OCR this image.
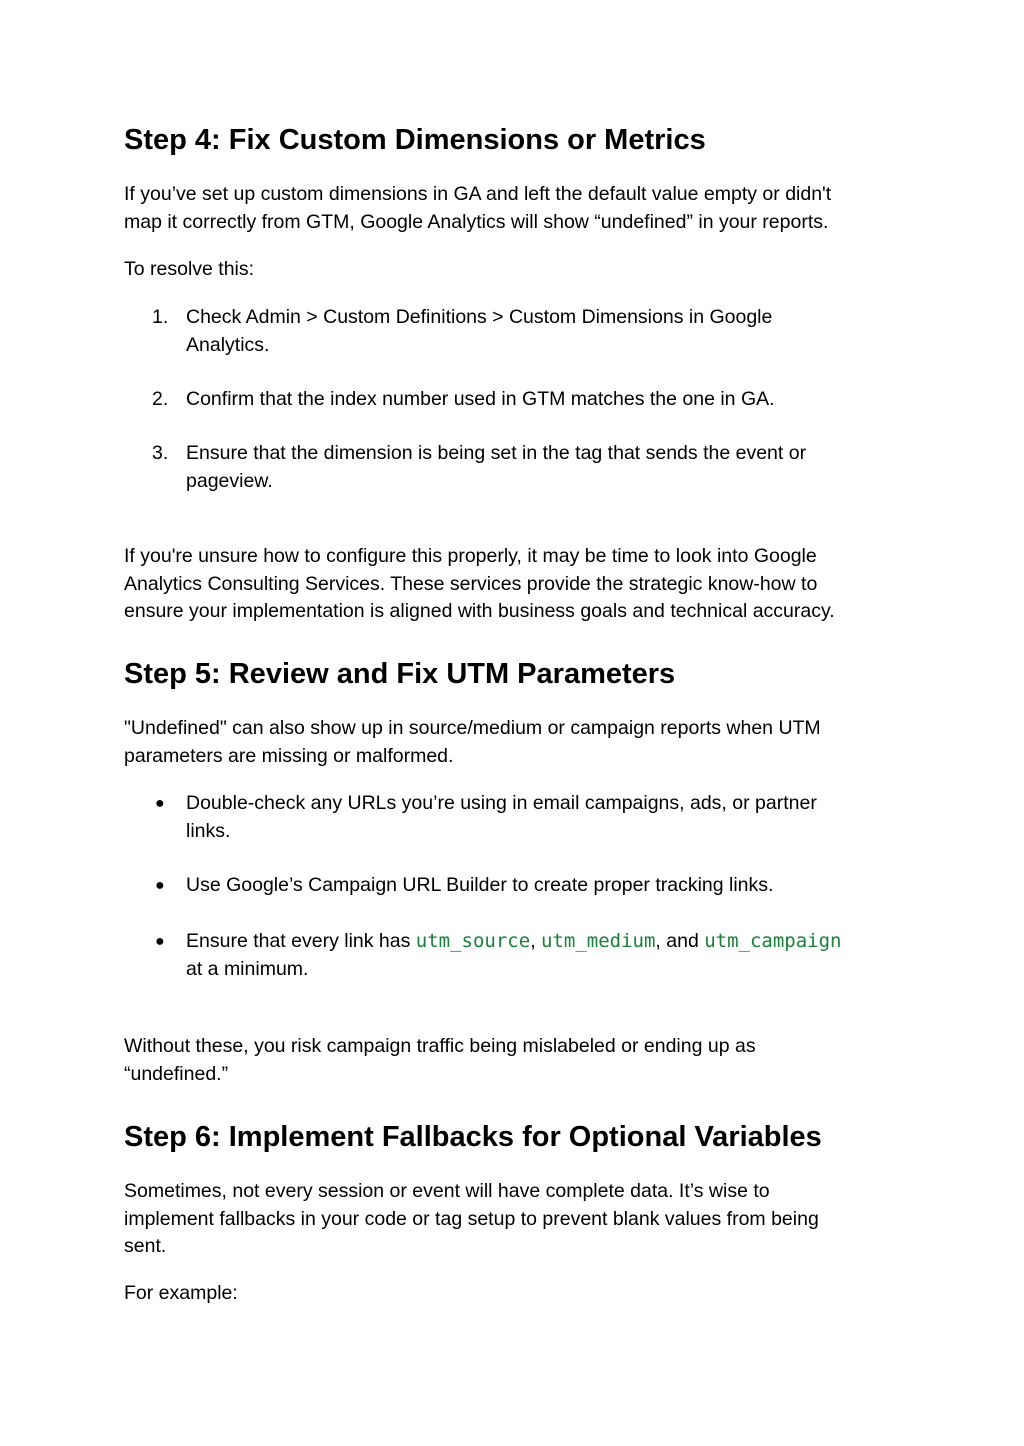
Step 4: Fix Custom Dimensions or Metrics

If you’ve set up custom dimensions in GA and left the default value empty or didn't
map it correctly from GTM, Google Analytics will show “undefined” in your reports.

To resolve this:

1. Check Admin > Custom Definitions > Custom Dimensions in Google
Analytics.
2. Confirm that the index number used in GTM matches the one in GA.
3. Ensure that the dimension is being set in the tag that sends the event or
pageview.

If you're unsure how to configure this properly, it may be time to look into Google
Analytics Consulting Services. These services provide the strategic know-how to
ensure your implementation is aligned with business goals and technical accuracy.

Step 5: Review and Fix UTM Parameters

"Undefined" can also show up in source/medium or campaign reports when UTM
parameters are missing or malformed.

● Double-check any URLs you’re using in email campaigns, ads, or partner
links.
● Use Google’s Campaign URL Builder to create proper tracking links.
● Ensure that every link has utm_source, utm_medium, and utm_campaign
at a minimum.

Without these, you risk campaign traffic being mislabeled or ending up as
“undefined.”

Step 6: Implement Fallbacks for Optional Variables

Sometimes, not every session or event will have complete data. It’s wise to
implement fallbacks in your code or tag setup to prevent blank values from being
sent.

For example:
